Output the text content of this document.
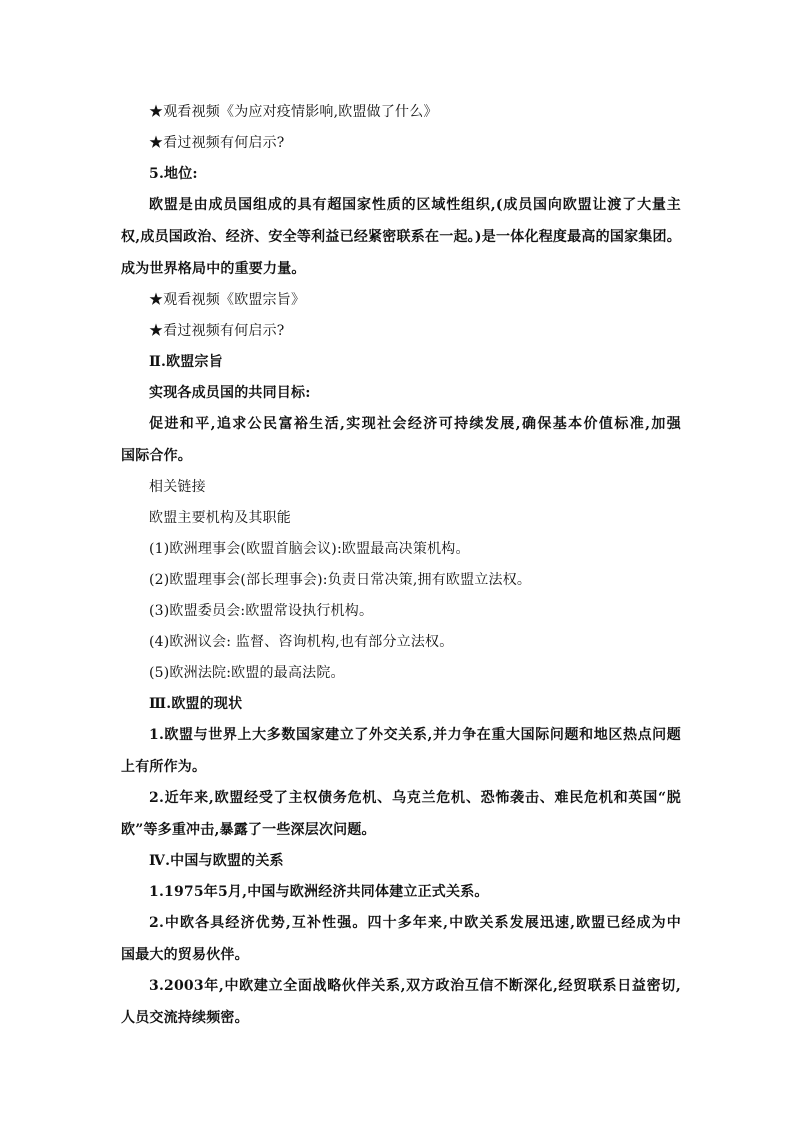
★观看视频《为应对疫情影响,欧盟做了什么》
★看过视频有何启示?
5.地位:
欧盟是由成员国组成的具有超国家性质的区域性组织,(成员国向欧盟让渡了大量主
权,成员国政治、经济、安全等利益已经紧密联系在一起。)是一体化程度最高的国家集团。
成为世界格局中的重要力量。
★观看视频《欧盟宗旨》
★看过视频有何启示?
Ⅱ.欧盟宗旨
实现各成员国的共同目标:
促进和平,追求公民富裕生活,实现社会经济可持续发展,确保基本价值标准,加强
国际合作。
相关链接
欧盟主要机构及其职能
(1)欧洲理事会(欧盟首脑会议):欧盟最高决策机构。
(2)欧盟理事会(部长理事会):负责日常决策,拥有欧盟立法权。
(3)欧盟委员会:欧盟常设执行机构。
(4)欧洲议会: 监督、咨询机构,也有部分立法权。
(5)欧洲法院:欧盟的最高法院。
Ⅲ.欧盟的现状
1.欧盟与世界上大多数国家建立了外交关系,并力争在重大国际问题和地区热点问题
上有所作为。
2.近年来,欧盟经受了主权债务危机、乌克兰危机、恐怖袭击、难民危机和英国“脱
欧”等多重冲击,暴露了一些深层次问题。
Ⅳ.中国与欧盟的关系
1.1975年5月,中国与欧洲经济共同体建立正式关系。
2.中欧各具经济优势,互补性强。四十多年来,中欧关系发展迅速,欧盟已经成为中
国最大的贸易伙伴。
3.2003年,中欧建立全面战略伙伴关系,双方政治互信不断深化,经贸联系日益密切,
人员交流持续频密。
